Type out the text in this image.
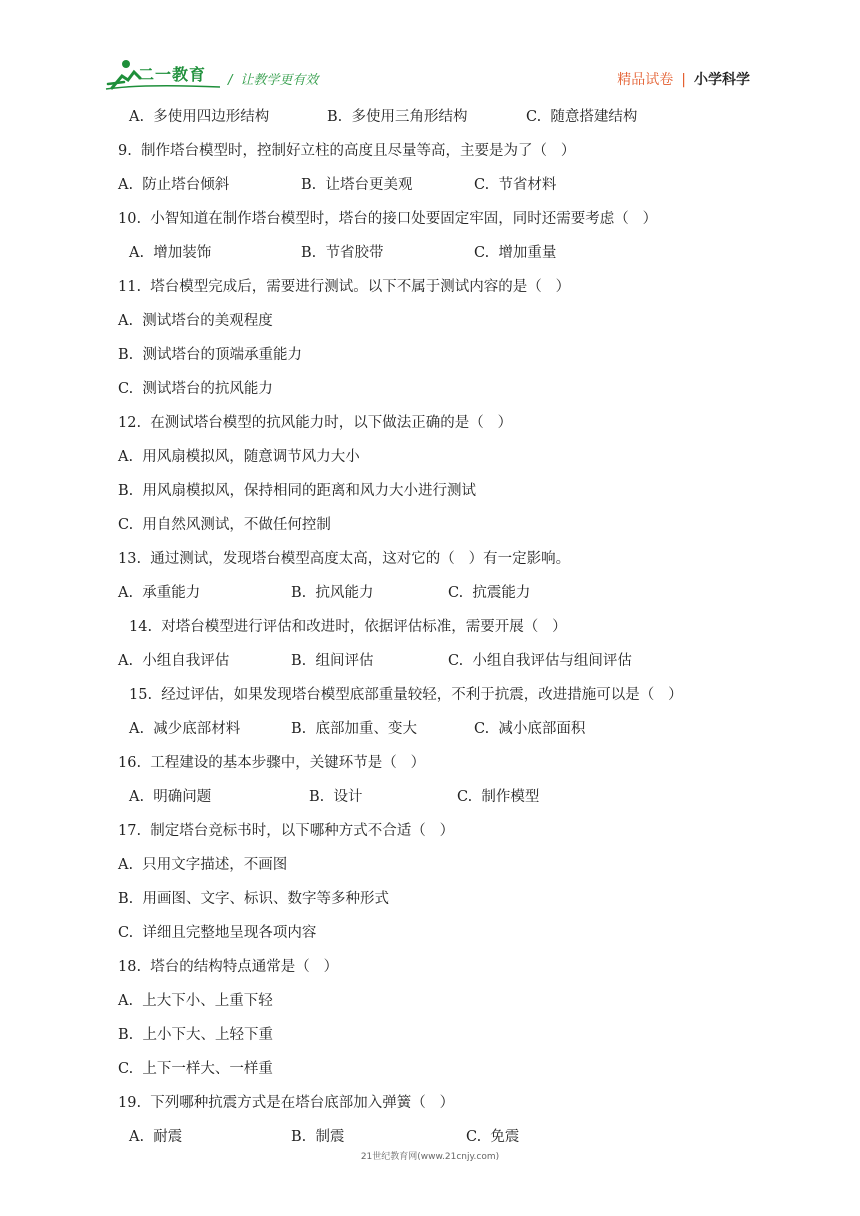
二一教育 / 让教学更有效	精品试卷 | 小学科学
A.  多使用四边形结构	B.  多使用三角形结构	C.  随意搭建结构
9.  制作塔台模型时，控制好立柱的高度且尽量等高，主要是为了（   ）
A.  防止塔台倾斜	B.  让塔台更美观	C.  节省材料
10.  小智知道在制作塔台模型时，塔台的接口处要固定牢固，同时还需要考虑（   ）
A.  增加装饰	B.  节省胶带	C.  增加重量
11.  塔台模型完成后，需要进行测试。以下不属于测试内容的是（   ）
A.  测试塔台的美观程度
B.  测试塔台的顶端承重能力
C.  测试塔台的抗风能力
12.  在测试塔台模型的抗风能力时，以下做法正确的是（   ）
A.  用风扇模拟风，随意调节风力大小
B.  用风扇模拟风，保持相同的距离和风力大小进行测试
C.  用自然风测试，不做任何控制
13.  通过测试，发现塔台模型高度太高，这对它的（   ）有一定影响。
A.  承重能力	B.  抗风能力	C.  抗震能力
14.  对塔台模型进行评估和改进时，依据评估标准，需要开展（   ）
A.  小组自我评估	B.  组间评估	C.  小组自我评估与组间评估
15.  经过评估，如果发现塔台模型底部重量较轻，不利于抗震，改进措施可以是（   ）
A.  减少底部材料	B.  底部加重、变大	C.  减小底部面积
16.  工程建设的基本步骤中，关键环节是（   ）
A.  明确问题	B.  设计	C.  制作模型
17.  制定塔台竞标书时，以下哪种方式不合适（   ）
A.  只用文字描述，不画图
B.  用画图、文字、标识、数字等多种形式
C.  详细且完整地呈现各项内容
18.  塔台的结构特点通常是（   ）
A.  上大下小、上重下轻
B.  上小下大、上轻下重
C.  上下一样大、一样重
19.  下列哪种抗震方式是在塔台底部加入弹簧（   ）
A.  耐震	B.  制震	C.  免震
21世纪教育网(www.21cnjy.com)
